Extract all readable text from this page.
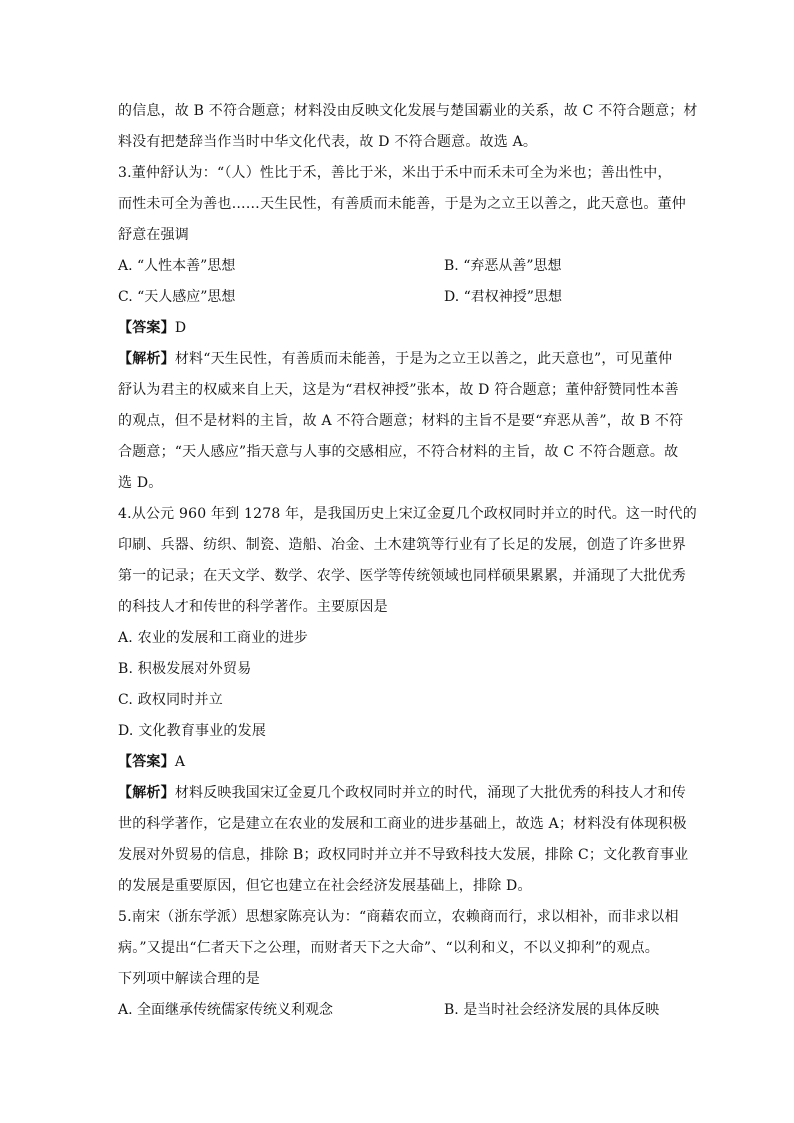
的信息，故 B 不符合题意；材料没由反映文化发展与楚国霸业的关系，故 C 不符合题意；材
料没有把楚辞当作当时中华文化代表，故 D 不符合题意。故选 A。
3.董仲舒认为：“（人）性比于禾，善比于米，米出于禾中而禾未可全为米也；善出性中，
而性未可全为善也……天生民性，有善质而未能善，于是为之立王以善之，此天意也。董仲
舒意在强调
A. “人性本善”思想	B. “弃恶从善”思想
C. “天人感应”思想	D. “君权神授”思想
【答案】D
【解析】材料“天生民性，有善质而未能善，于是为之立王以善之，此天意也”，可见董仲
舒认为君主的权威来自上天，这是为“君权神授”张本，故 D 符合题意；董仲舒赞同性本善
的观点，但不是材料的主旨，故 A 不符合题意；材料的主旨不是要“弃恶从善”，故 B 不符
合题意；“天人感应”指天意与人事的交感相应，不符合材料的主旨，故 C 不符合题意。故
选 D。
4.从公元 960 年到 1278 年，是我国历史上宋辽金夏几个政权同时并立的时代。这一时代的
印刷、兵器、纺织、制瓷、造船、冶金、土木建筑等行业有了长足的发展，创造了许多世界
第一的记录；在天文学、数学、农学、医学等传统领域也同样硕果累累，并涌现了大批优秀
的科技人才和传世的科学著作。主要原因是
A. 农业的发展和工商业的进步
B. 积极发展对外贸易
C. 政权同时并立
D. 文化教育事业的发展
【答案】A
【解析】材料反映我国宋辽金夏几个政权同时并立的时代，涌现了大批优秀的科技人才和传
世的科学著作，它是建立在农业的发展和工商业的进步基础上，故选 A；材料没有体现积极
发展对外贸易的信息，排除 B；政权同时并立并不导致科技大发展，排除 C；文化教育事业
的发展是重要原因，但它也建立在社会经济发展基础上，排除 D。
5.南宋（浙东学派）思想家陈亮认为：“商藉农而立，农赖商而行，求以相补，而非求以相
病。”又提出“仁者天下之公理，而财者天下之大命”、“以利和义，不以义抑利”的观点。
下列项中解读合理的是
A. 全面继承传统儒家传统义利观念	B. 是当时社会经济发展的具体反映
